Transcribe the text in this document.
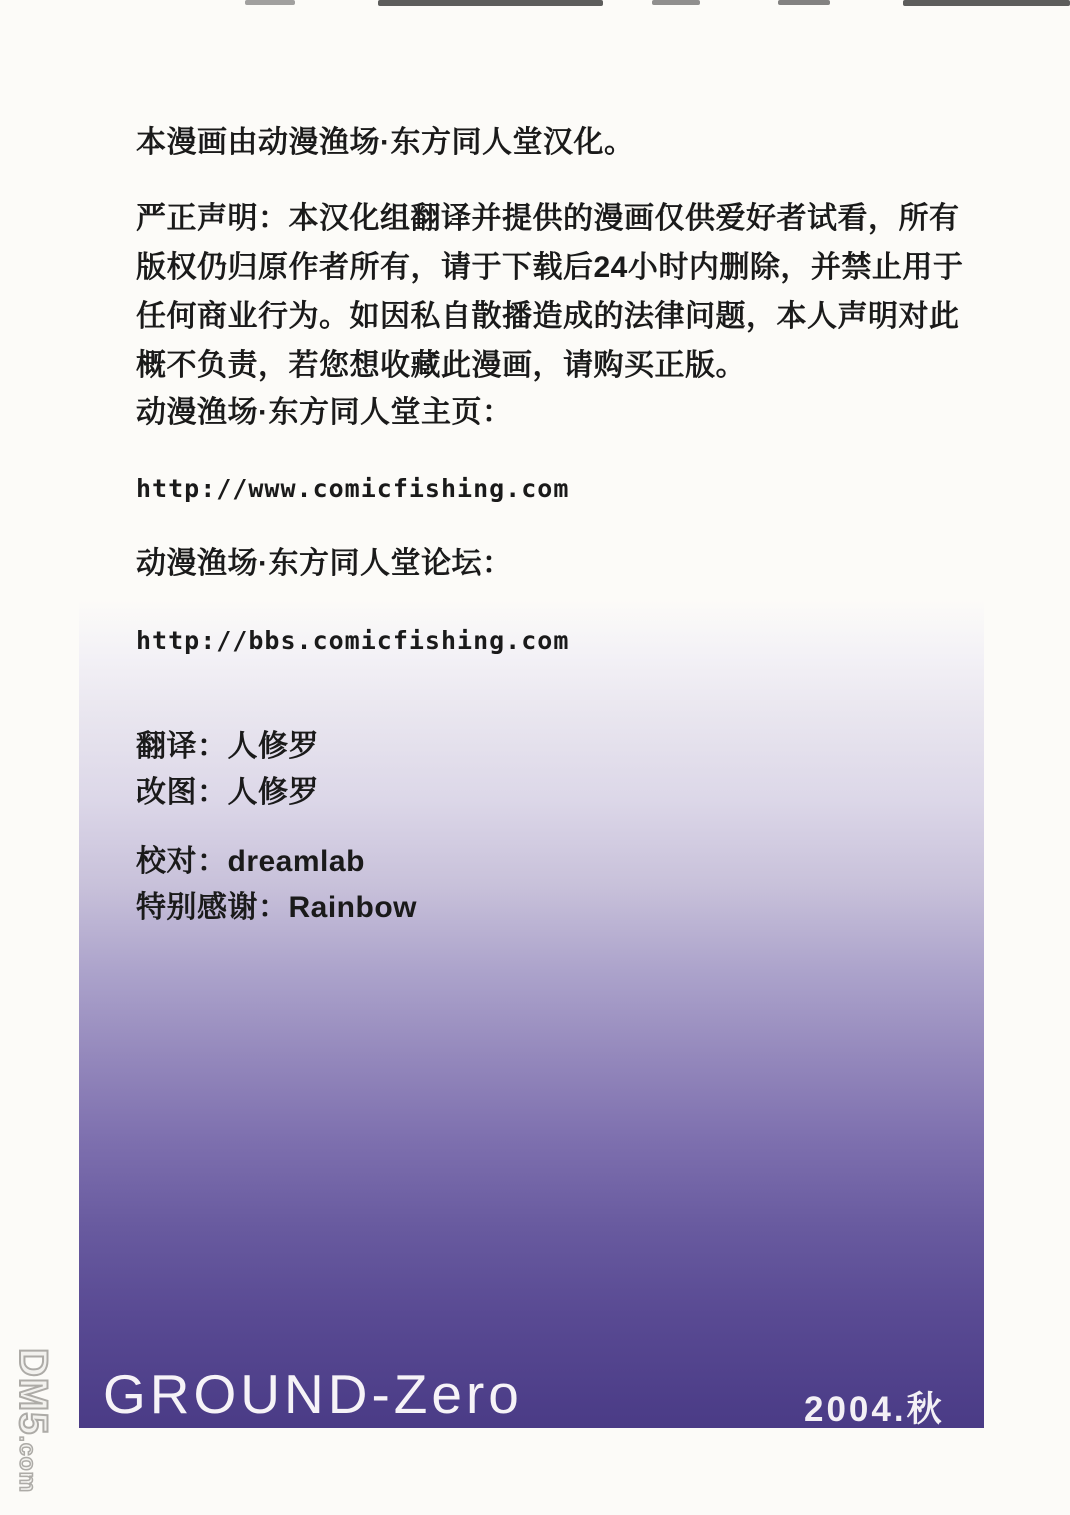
本漫画由动漫渔场·东方同人堂汉化。
严正声明：本汉化组翻译并提供的漫画仅供爱好者试看，所有
版权仍归原作者所有，请于下载后24小时内删除，并禁止用于
任何商业行为。如因私自散播造成的法律问题，本人声明对此
概不负责，若您想收藏此漫画，请购买正版。
动漫渔场·东方同人堂主页：
http://www.comicfishing.com
动漫渔场·东方同人堂论坛：
http://bbs.comicfishing.com
翻译：人修罗
改图：人修罗
校对：dreamlab
特别感谢：Rainbow
GROUND-Zero	2004.秋
DM5.com
